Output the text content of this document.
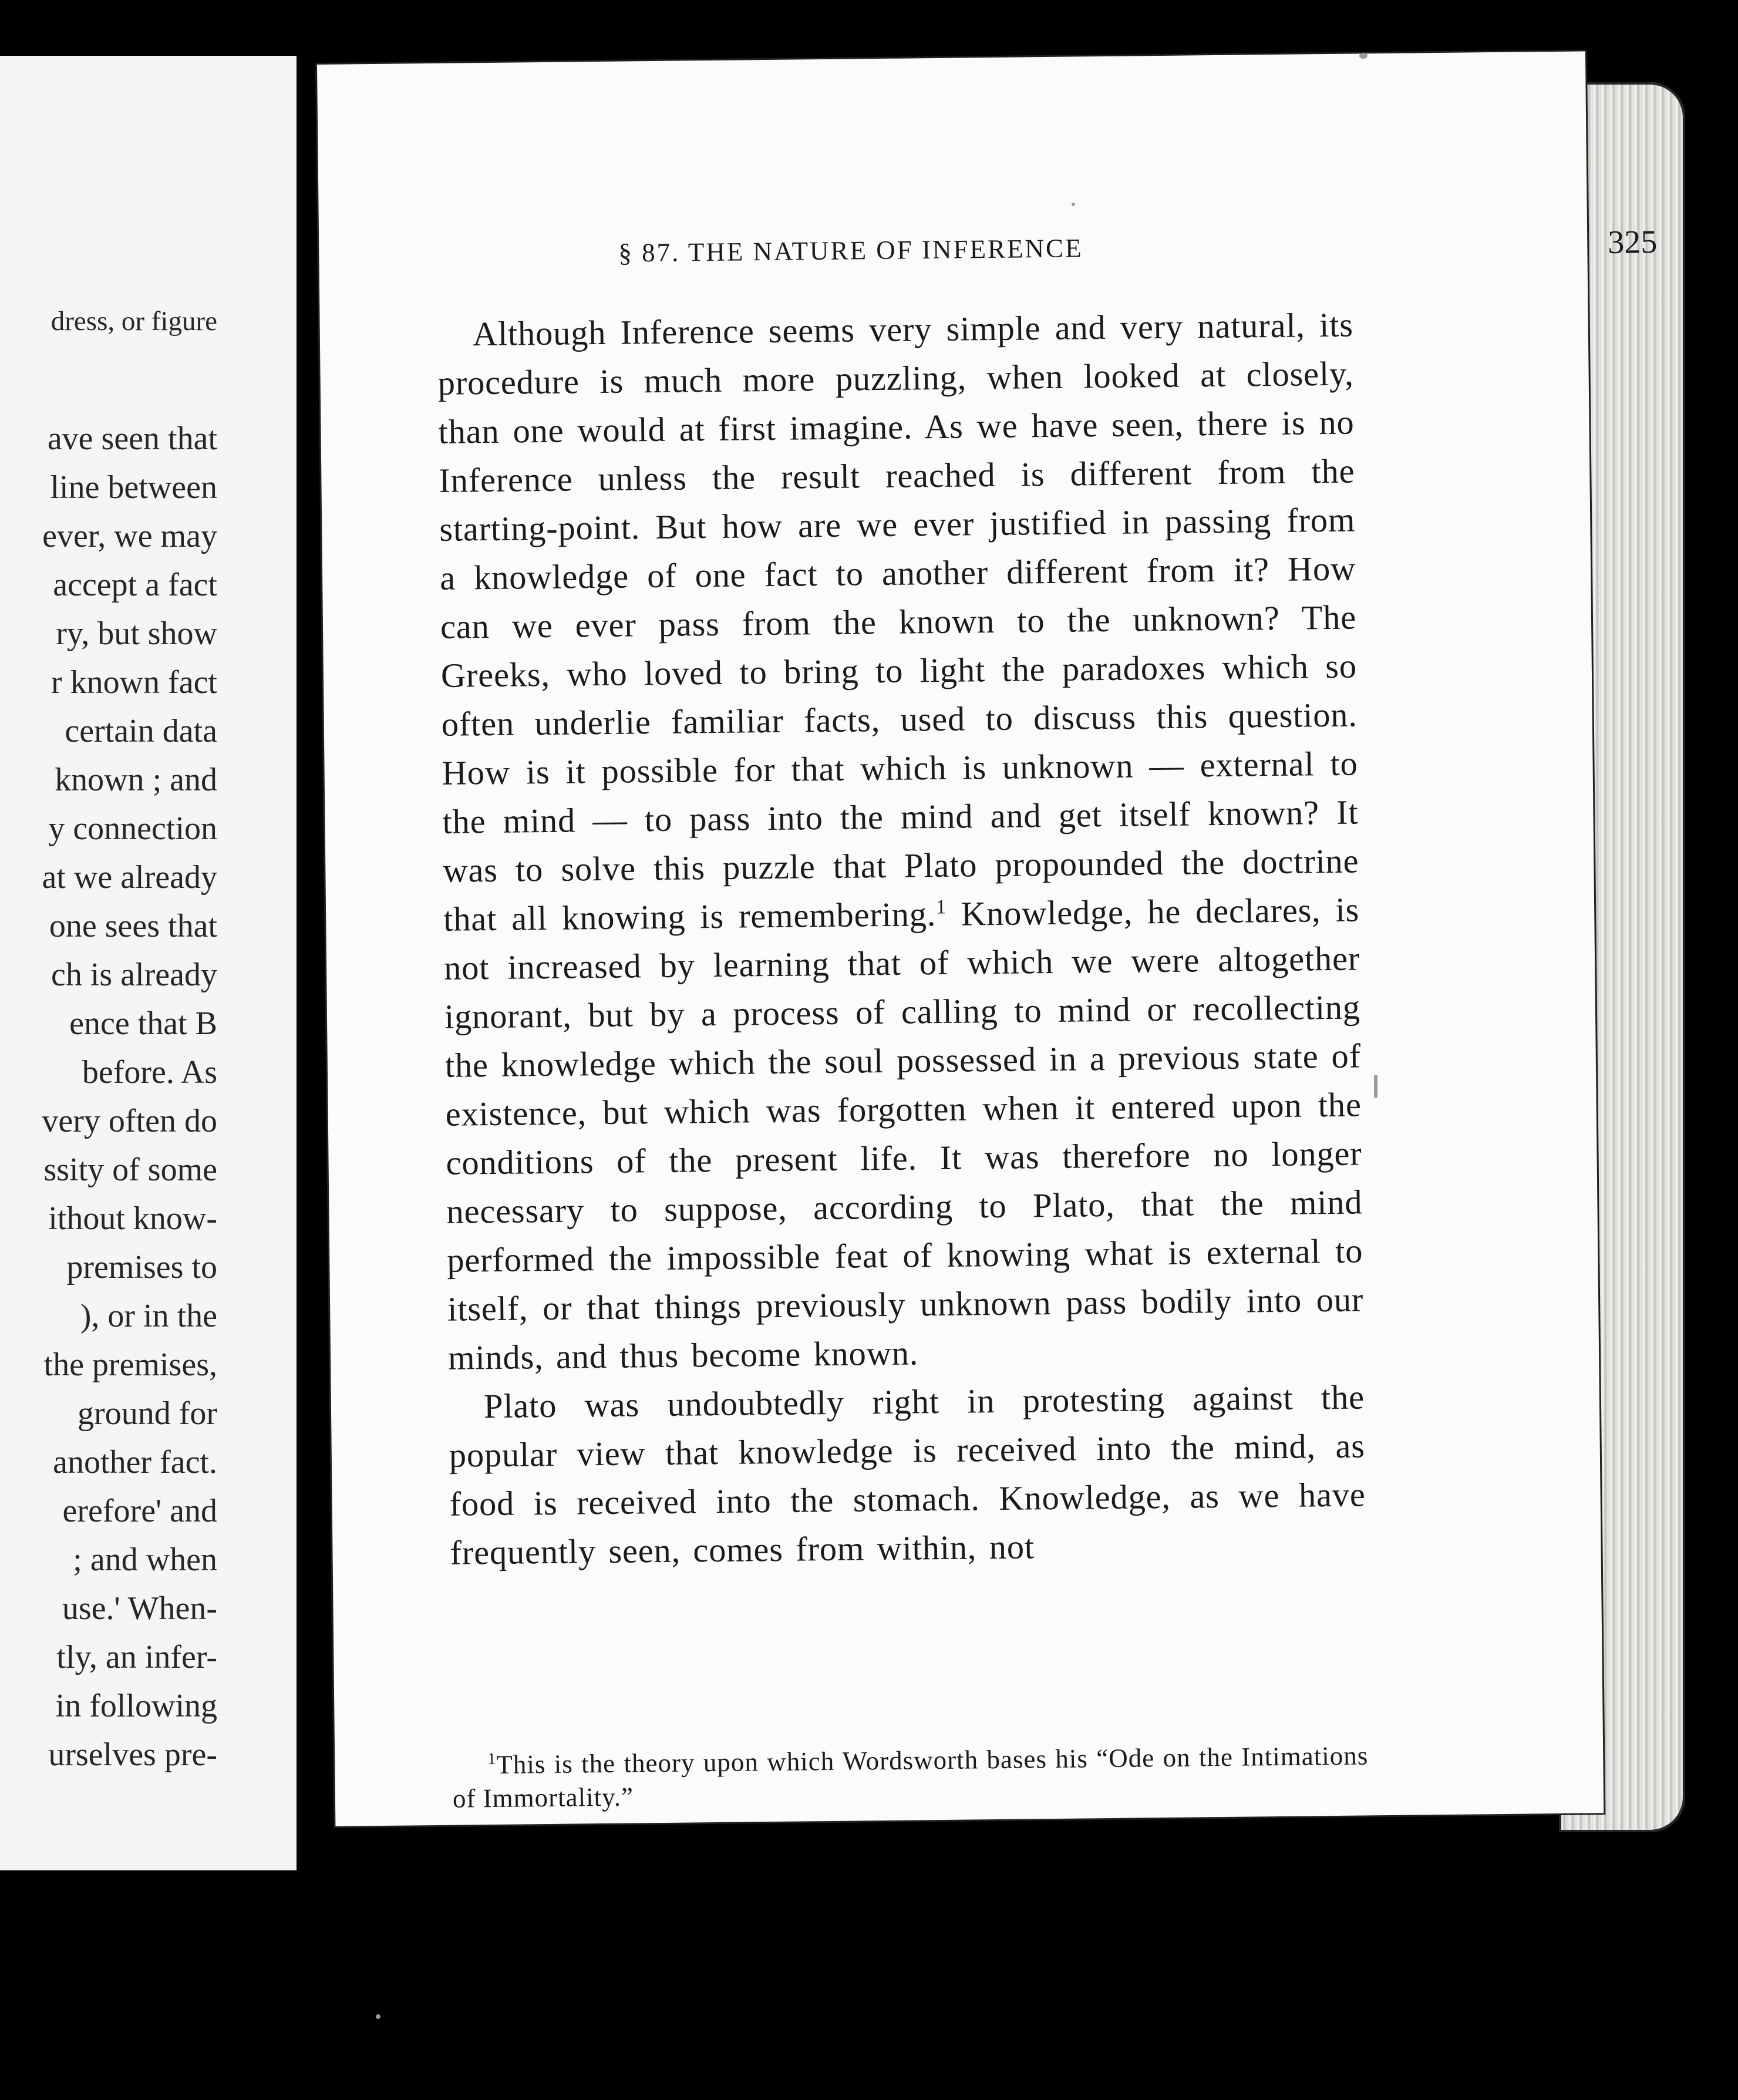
dress, or figure
ave seen that
line between
ever, we may
accept a fact
ry, but show
r known fact
certain data
known ; and
y connection
at we already
one sees that
ch is already
ence that B
before. As
very often do
ssity of some
ithout know-
premises to
), or in the
the premises,
ground for
another fact.
erefore' and
; and when
use.' When-
tly, an infer-
in following
urselves pre-
§ 87. THE NATURE OF INFERENCE	325

Although Inference seems very simple and very natural, its procedure is much more puzzling, when looked at closely, than one would at first imagine. As we have seen, there is no Inference unless the result reached is different from the starting-point. But how are we ever justified in passing from a knowledge of one fact to another different from it? How can we ever pass from the known to the unknown? The Greeks, who loved to bring to light the paradoxes which so often underlie familiar facts, used to discuss this question. How is it possible for that which is unknown — external to the mind — to pass into the mind and get itself known? It was to solve this puzzle that Plato propounded the doctrine that all knowing is remembering.$^1$ Knowledge, he declares, is not increased by learning that of which we were altogether ignorant, but by a process of calling to mind or recollecting the knowledge which the soul possessed in a previous state of existence, but which was forgotten when it entered upon the conditions of the present life. It was therefore no longer necessary to suppose, according to Plato, that the mind performed the impossible feat of knowing what is external to itself, or that things previously unknown pass bodily into our minds, and thus become known.

Plato was undoubtedly right in protesting against the popular view that knowledge is received into the mind, as food is received into the stomach. Knowledge, as we have frequently seen, comes from within, not

$^1$This is the theory upon which Wordsworth bases his “Ode on the Intimations of Immortality.”
